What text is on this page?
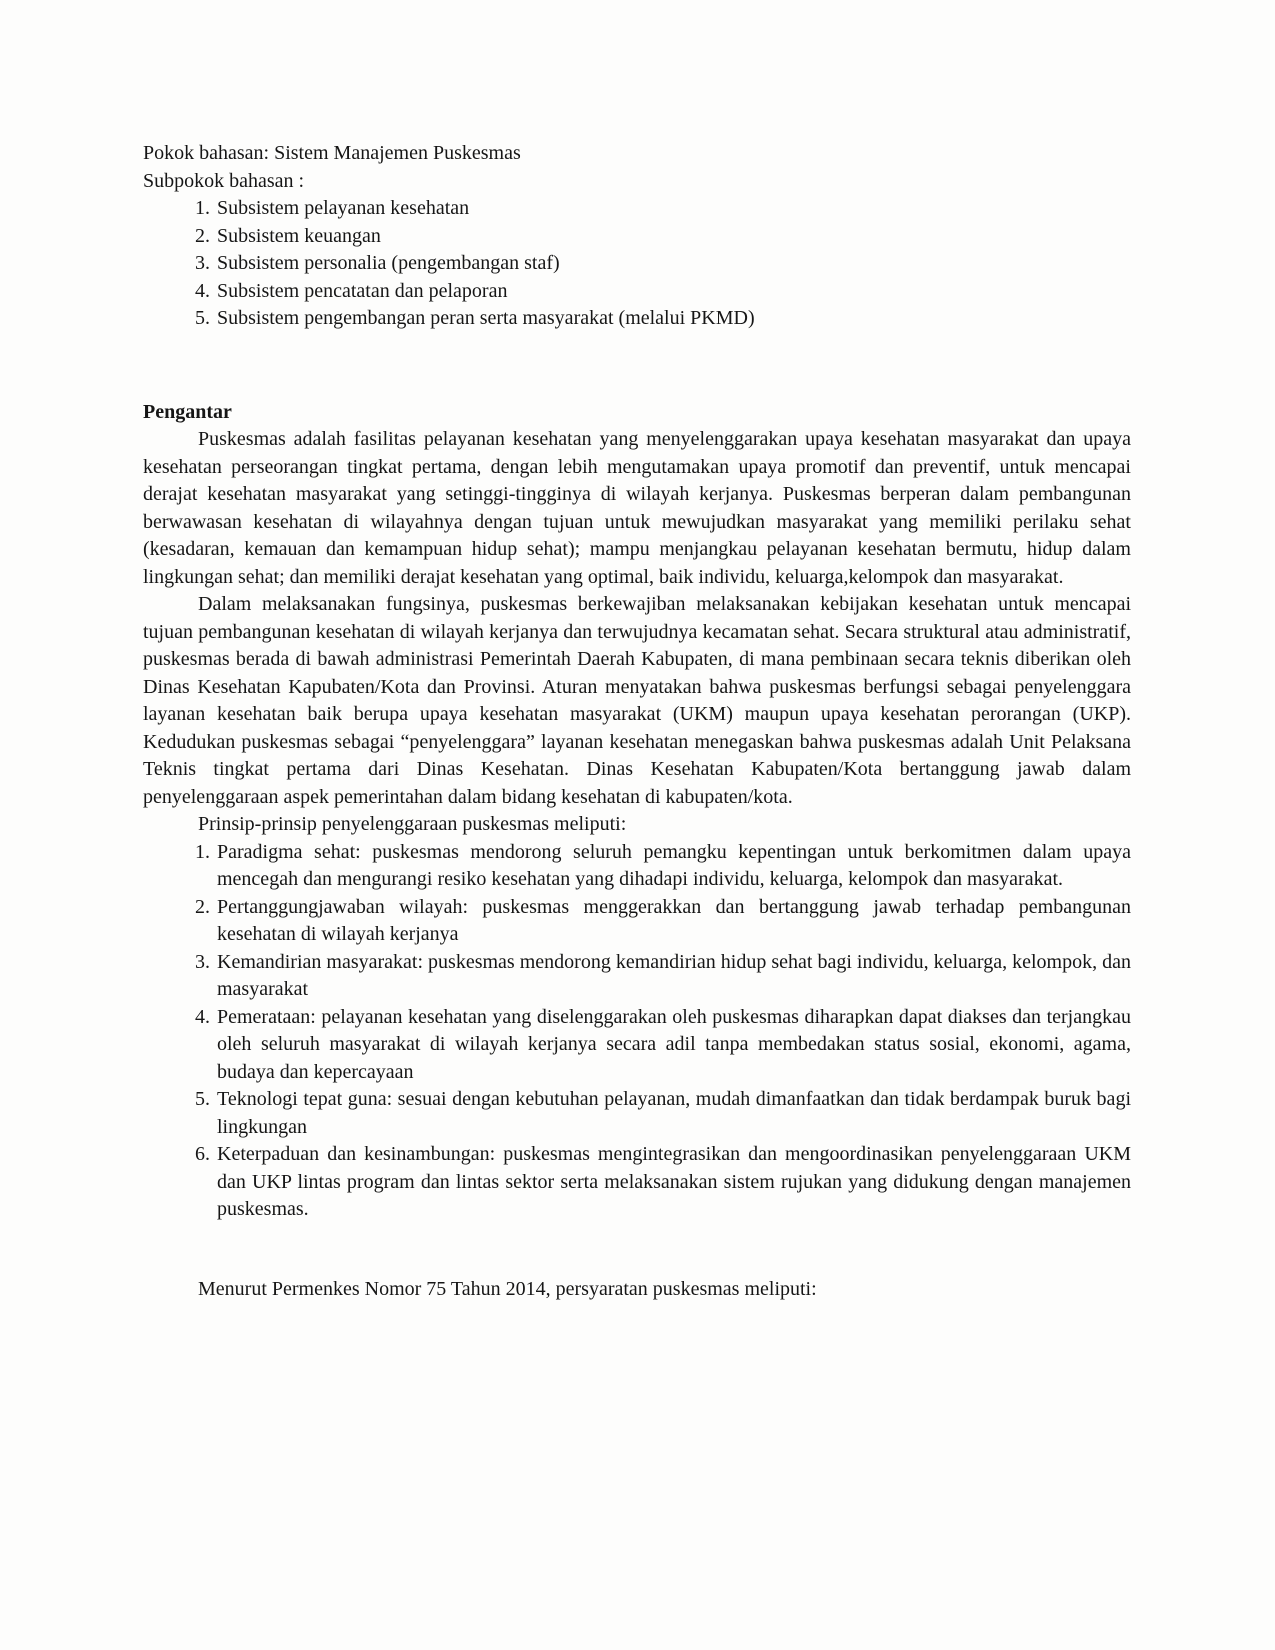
Pokok bahasan: Sistem Manajemen Puskesmas

Subpokok bahasan :

1. Subsistem pelayanan kesehatan
2. Subsistem keuangan
3. Subsistem personalia (pengembangan staf)
4. Subsistem pencatatan dan pelaporan
5. Subsistem pengembangan peran serta masyarakat (melalui PKMD)
Pengantar

Puskesmas adalah fasilitas pelayanan kesehatan yang menyelenggarakan upaya kesehatan masyarakat dan upaya kesehatan perseorangan tingkat pertama, dengan lebih mengutamakan upaya promotif dan preventif, untuk mencapai derajat kesehatan masyarakat yang setinggi-tingginya di wilayah kerjanya. Puskesmas berperan dalam pembangunan berwawasan kesehatan di wilayahnya dengan tujuan untuk mewujudkan masyarakat yang memiliki perilaku sehat (kesadaran, kemauan dan kemampuan hidup sehat); mampu menjangkau pelayanan kesehatan bermutu, hidup dalam lingkungan sehat; dan memiliki derajat kesehatan yang optimal, baik individu, keluarga,kelompok dan masyarakat.

Dalam melaksanakan fungsinya, puskesmas berkewajiban melaksanakan kebijakan kesehatan untuk mencapai tujuan pembangunan kesehatan di wilayah kerjanya dan terwujudnya kecamatan sehat. Secara struktural atau administratif, puskesmas berada di bawah administrasi Pemerintah Daerah Kabupaten, di mana pembinaan secara teknis diberikan oleh Dinas Kesehatan Kapubaten/Kota dan Provinsi. Aturan menyatakan bahwa puskesmas berfungsi sebagai penyelenggara layanan kesehatan baik berupa upaya kesehatan masyarakat (UKM) maupun upaya kesehatan perorangan (UKP). Kedudukan puskesmas sebagai “penyelenggara” layanan kesehatan menegaskan bahwa puskesmas adalah Unit Pelaksana Teknis tingkat pertama dari Dinas Kesehatan. Dinas Kesehatan Kabupaten/Kota bertanggung jawab dalam penyelenggaraan aspek pemerintahan dalam bidang kesehatan di kabupaten/kota.

Prinsip-prinsip penyelenggaraan puskesmas meliputi:

1. Paradigma sehat: puskesmas mendorong seluruh pemangku kepentingan untuk berkomitmen dalam upaya mencegah dan mengurangi resiko kesehatan yang dihadapi individu, keluarga, kelompok dan masyarakat.
2. Pertanggungjawaban wilayah: puskesmas menggerakkan dan bertanggung jawab terhadap pembangunan kesehatan di wilayah kerjanya
3. Kemandirian masyarakat: puskesmas mendorong kemandirian hidup sehat bagi individu, keluarga, kelompok, dan masyarakat
4. Pemerataan: pelayanan kesehatan yang diselenggarakan oleh puskesmas diharapkan dapat diakses dan terjangkau oleh seluruh masyarakat di wilayah kerjanya secara adil tanpa membedakan status sosial, ekonomi, agama, budaya dan kepercayaan
5. Teknologi tepat guna: sesuai dengan kebutuhan pelayanan, mudah dimanfaatkan dan tidak berdampak buruk bagi lingkungan
6. Keterpaduan dan kesinambungan: puskesmas mengintegrasikan dan mengoordinasikan penyelenggaraan UKM dan UKP lintas program dan lintas sektor serta melaksanakan sistem rujukan yang didukung dengan manajemen puskesmas.

Menurut Permenkes Nomor 75 Tahun 2014, persyaratan puskesmas meliputi:
